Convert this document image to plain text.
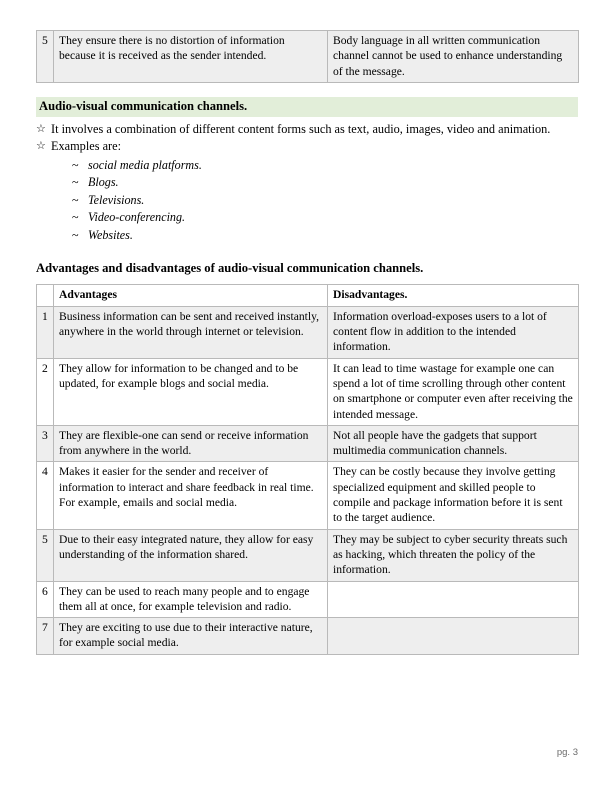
5	They ensure there is no distortion of information because it is received as the sender intended.	Body language in all written communication channel cannot be used to enhance understanding of the message.
Audio-visual communication channels.
☆ It involves a combination of different content forms such as text, audio, images, video and animation.
☆ Examples are:
~ social media platforms.
~ Blogs.
~ Televisions.
~ Video-conferencing.
~ Websites.
Advantages and disadvantages of audio-visual communication channels.
	Advantages	Disadvantages.
1	Business information can be sent and received instantly, anywhere in the world through internet or television.	Information overload-exposes users to a lot of content flow in addition to the intended information.
2	They allow for information to be changed and to be updated, for example blogs and social media.	It can lead to time wastage for example one can spend a lot of time scrolling through other content on smartphone or computer even after receiving the intended message.
3	They are flexible-one can send or receive information from anywhere in the world.	Not all people have the gadgets that support multimedia communication channels.
4	Makes it easier for the sender and receiver of information to interact and share feedback in real time. For example, emails and social media.	They can be costly because they involve getting specialized equipment and skilled people to compile and package information before it is sent to the target audience.
5	Due to their easy integrated nature, they allow for easy understanding of the information shared.	They may be subject to cyber security threats such as hacking, which threaten the policy of the information.
6	They can be used to reach many people and to engage them all at once, for example television and radio.	
7	They are exciting to use due to their interactive nature, for example social media.	
pg. 3
